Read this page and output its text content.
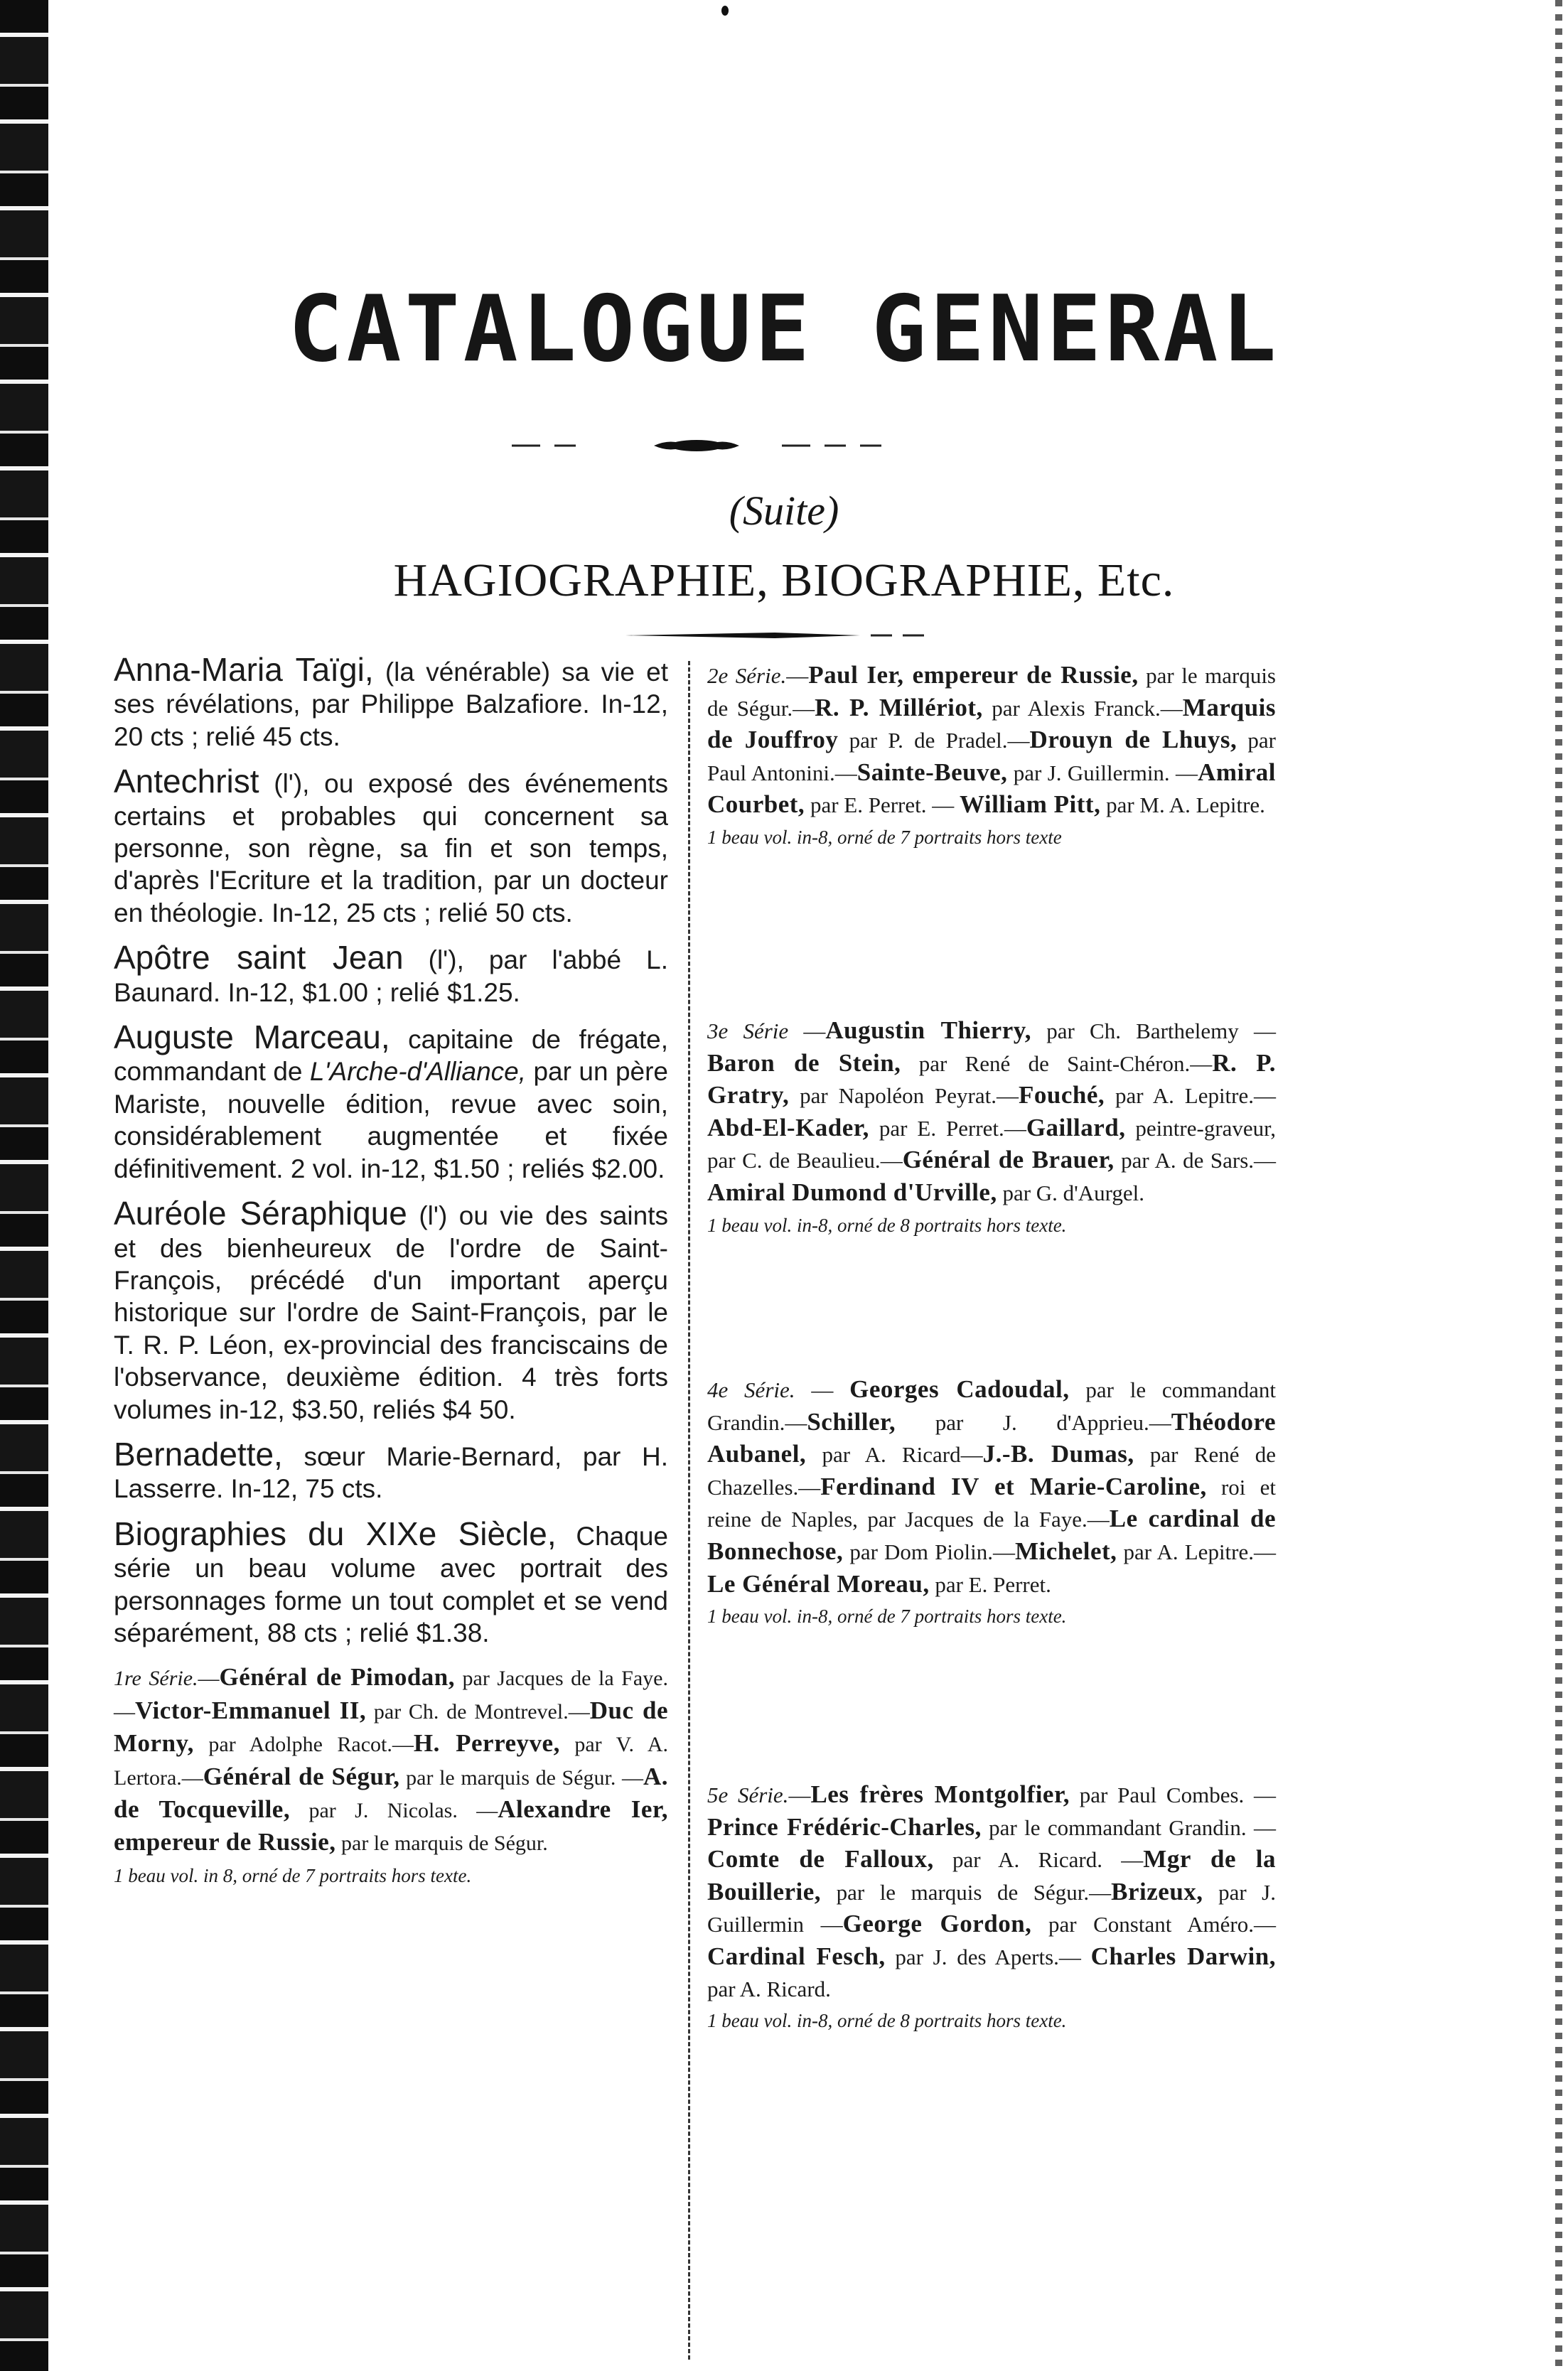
CATALOGUE GENERAL
(Suite)
HAGIOGRAPHIE, BIOGRAPHIE, Etc.

Anna-Maria Taïgi, (la vénérable) sa vie et ses révélations, par Philippe Balzafiore. In-12, 20 cts ; relié 45 cts.

Antechrist (l'), ou exposé des événements certains et probables qui concernent sa personne, son règne, sa fin et son temps, d'après l'Ecriture et la tradition, par un docteur en théologie. In-12, 25 cts ; relié 50 cts.

Apôtre saint Jean (l'), par l'abbé L. Baunard. In-12, $1.00 ; relié $1.25.

Auguste Marceau, capitaine de frégate, commandant de L'Arche-d'Alliance, par un père Mariste, nouvelle édition, revue avec soin, considérablement augmentée et fixée définitivement. 2 vol. in-12, $1.50 ; reliés $2.00.

Auréole Séraphique (l') ou vie des saints et des bienheureux de l'ordre de Saint-François, précédé d'un important aperçu historique sur l'ordre de Saint-François, par le T. R. P. Léon, ex-provincial des franciscains de l'observance, deuxième édition. 4 très forts volumes in-12, $3.50, reliés $4 50.

Bernadette, sœur Marie-Bernard, par H. Lasserre. In-12, 75 cts.

Biographies du XIXe Siècle, Chaque série un beau volume avec portrait des personnages forme un tout complet et se vend séparément, 88 cts ; relié $1.38.

1re Série.—Général de Pimodan, par Jacques de la Faye.—Victor-Emmanuel II, par Ch. de Montrevel.—Duc de Morny, par Adolphe Racot.—H. Perreyve, par V. A. Lertora.—Général de Ségur, par le marquis de Ségur. —A. de Tocqueville, par J. Nicolas. —Alexandre Ier, empereur de Russie, par le marquis de Ségur.

1 beau vol. in 8, orné de 7 portraits hors texte.

2e Série.—Paul Ier, empereur de Russie, par le marquis de Ségur.—R. P. Millériot, par Alexis Franck.—Marquis de Jouffroy par P. de Pradel.—Drouyn de Lhuys, par Paul Antonini.—Sainte-Beuve, par J. Guillermin. —Amiral Courbet, par E. Perret. — William Pitt, par M. A. Lepitre.

1 beau vol. in-8, orné de 7 portraits hors texte

3e Série —Augustin Thierry, par Ch. Barthelemy —Baron de Stein, par René de Saint-Chéron.—R. P. Gratry, par Napoléon Peyrat.—Fouché, par A. Lepitre.—Abd-El-Kader, par E. Perret.—Gaillard, peintre-graveur, par C. de Beaulieu.—Général de Brauer, par A. de Sars.—Amiral Dumond d'Urville, par G. d'Aurgel.

1 beau vol. in-8, orné de 8 portraits hors texte.

4e Série. — Georges Cadoudal, par le commandant Grandin.—Schiller, par J. d'Apprieu.—Théodore Aubanel, par A. Ricard—J.-B. Dumas, par René de Chazelles.—Ferdinand IV et Marie-Caroline, roi et reine de Naples, par Jacques de la Faye.—Le cardinal de Bonnechose, par Dom Piolin.—Michelet, par A. Lepitre.—Le Général Moreau, par E. Perret.

1 beau vol. in-8, orné de 7 portraits hors texte.

5e Série.—Les frères Montgolfier, par Paul Combes. — Prince Frédéric-Charles, par le commandant Grandin. —Comte de Falloux, par A. Ricard. —Mgr de la Bouillerie, par le marquis de Ségur.—Brizeux, par J. Guillermin —George Gordon, par Constant Améro.—Cardinal Fesch, par J. des Aperts.— Charles Darwin, par A. Ricard.

1 beau vol. in-8, orné de 8 portraits hors texte.
